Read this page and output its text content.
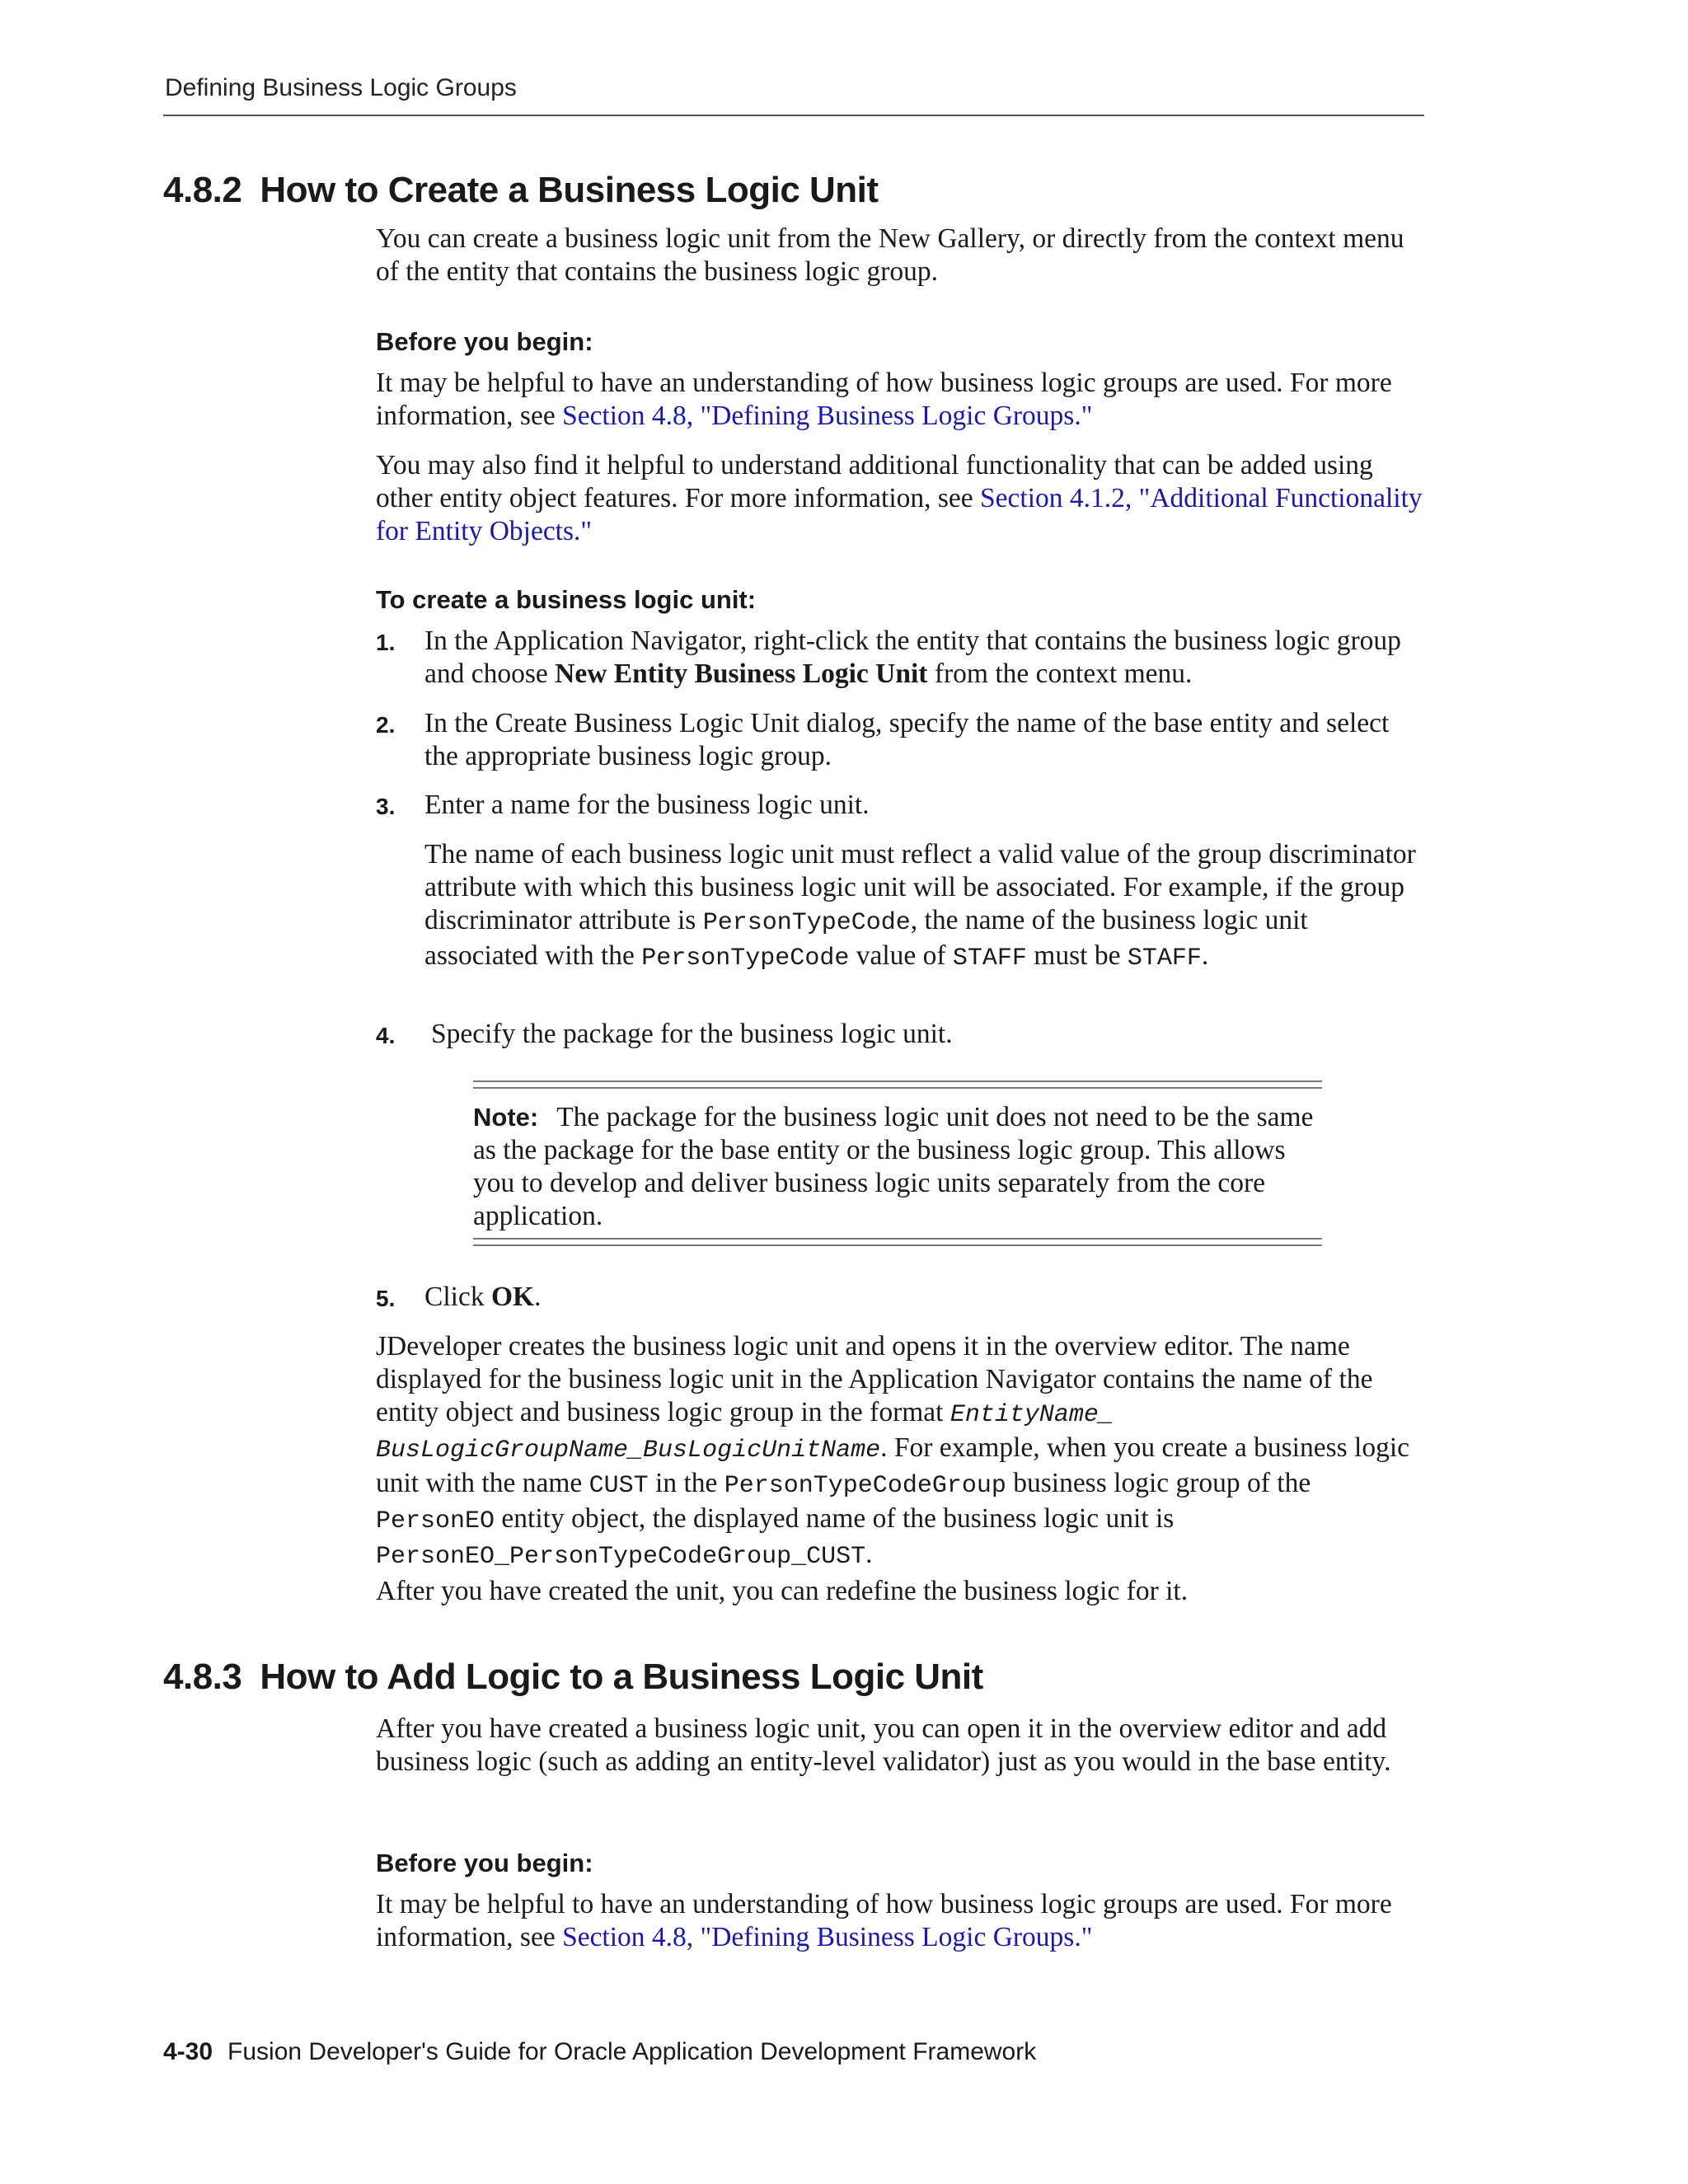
Defining Business Logic Groups
4.8.2 How to Create a Business Logic Unit

You can create a business logic unit from the New Gallery, or directly from the context menu of the entity that contains the business logic group.

Before you begin:

It may be helpful to have an understanding of how business logic groups are used. For more information, see Section 4.8, "Defining Business Logic Groups."

You may also find it helpful to understand additional functionality that can be added using other entity object features. For more information, see Section 4.1.2, "Additional Functionality for Entity Objects."

To create a business logic unit:
1. In the Application Navigator, right-click the entity that contains the business logic group and choose New Entity Business Logic Unit from the context menu.
2. In the Create Business Logic Unit dialog, specify the name of the base entity and select the appropriate business logic group.
3. Enter a name for the business logic unit.
The name of each business logic unit must reflect a valid value of the group discriminator attribute with which this business logic unit will be associated. For example, if the group discriminator attribute is PersonTypeCode, the name of the business logic unit associated with the PersonTypeCode value of STAFF must be STAFF.
4. Specify the package for the business logic unit.
Note: The package for the business logic unit does not need to be the same as the package for the base entity or the business logic group. This allows you to develop and deliver business logic units separately from the core application.
5. Click OK.

JDeveloper creates the business logic unit and opens it in the overview editor. The name displayed for the business logic unit in the Application Navigator contains the name of the entity object and business logic group in the format EntityName_ BusLogicGroupName_BusLogicUnitName. For example, when you create a business logic unit with the name CUST in the PersonTypeCodeGroup business logic group of the PersonEO entity object, the displayed name of the business logic unit is PersonEO_PersonTypeCodeGroup_CUST.

After you have created the unit, you can redefine the business logic for it.

4.8.3 How to Add Logic to a Business Logic Unit

After you have created a business logic unit, you can open it in the overview editor and add business logic (such as adding an entity-level validator) just as you would in the base entity.

Before you begin:

It may be helpful to have an understanding of how business logic groups are used. For more information, see Section 4.8, "Defining Business Logic Groups."

4-30 Fusion Developer's Guide for Oracle Application Development Framework
